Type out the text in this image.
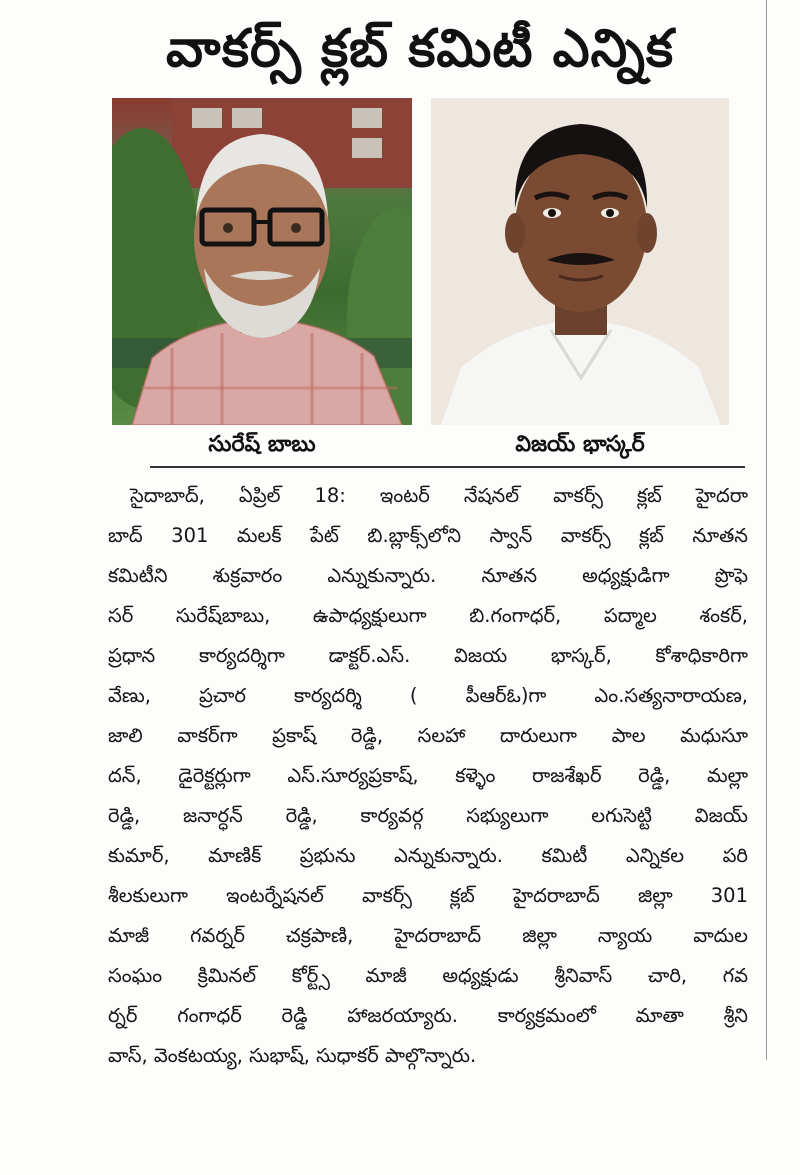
వాకర్స్ క్లబ్ కమిటీ ఎన్నిక
సురేష్ బాబు	విజయ్ భాస్కర్
సైదాబాద్, ఏప్రిల్ 18: ఇంటర్ నేషనల్ వాకర్స్ క్లబ్ హైదరా
బాద్ 301 మలక్ పేట్ బి.బ్లాక్స్‌లోని స్వాన్ వాకర్స్ క్లబ్ నూతన
కమిటీని శుక్రవారం ఎన్నుకున్నారు. నూతన అధ్యక్షుడిగా ప్రొఫె
సర్ సురేష్‌బాబు, ఉపాధ్యక్షులుగా బి.గంగాధర్, పద్మాల శంకర్,
ప్రధాన కార్యదర్శిగా డాక్టర్.ఎస్. విజయ భాస్కర్, కోశాధికారిగా
వేణు, ప్రచార కార్యదర్శి ( పీఆర్‌ఓ)గా ఎం.సత్యనారాయణ,
జాలి వాకర్‌గా ప్రకాష్ రెడ్డి, సలహా దారులుగా పాల మధుసూ
దన్, డైరెక్టర్లుగా ఎస్.సూర్యప్రకాష్, కళ్ళెం రాజశేఖర్ రెడ్డి, మల్లా
రెడ్డి, జనార్ధన్ రెడ్డి, కార్యవర్గ సభ్యులుగా లగుసెట్టి విజయ్
కుమార్, మాణిక్ ప్రభును ఎన్నుకున్నారు. కమిటీ ఎన్నికల పరి
శీలకులుగా ఇంటర్నేషనల్ వాకర్స్ క్లబ్ హైదరాబాద్ జిల్లా 301
మాజీ గవర్నర్ చక్రపాణి, హైదరాబాద్ జిల్లా న్యాయ వాదుల
సంఘం క్రిమినల్ కోర్ట్స్ మాజీ అధ్యక్షుడు శ్రీనివాస్ చారి, గవ
ర్నర్ గంగాధర్ రెడ్డి హాజరయ్యారు. కార్యక్రమంలో మాతా శ్రీని
వాస్, వెంకటయ్య, సుభాష్, సుధాకర్ పాల్గొన్నారు.
